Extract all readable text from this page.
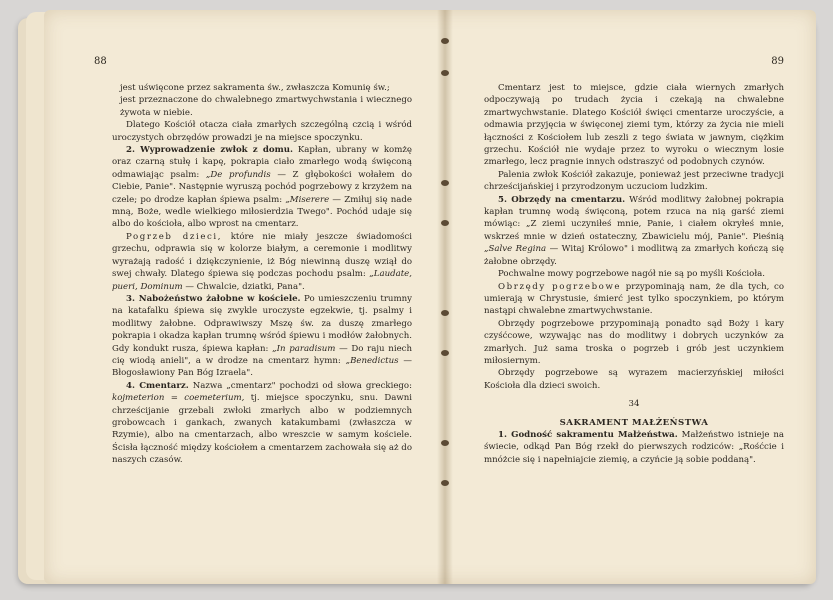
88

jest uświęcone przez sakramenta św., zwłaszcza Komunię św.;

jest przeznaczone do chwalebnego zmartwychwstania i wiecznego żywota w niebie.

Dlatego Kościół otacza ciała zmarłych szczególną czcią i wśród uroczystych obrzędów prowadzi je na miejsce spoczynku.

2. Wyprowadzenie zwłok z domu. Kapłan, ubrany w komżę oraz czarną stułę i kapę, pokrapia ciało zmarłego wodą święconą odmawiając psalm: „De profundis — Z głębokości wołałem do Ciebie, Panie". Następnie wyruszą pochód pogrzebowy z krzyżem na czele; po drodze kapłan śpiewa psalm: „Miserere — Zmiłuj się nade mną, Boże, wedle wielkiego miłosierdzia Twego". Pochód udaje się albo do kościoła, albo wprost na cmentarz.

Pogrzeb dzieci, które nie miały jeszcze świadomości grzechu, odprawia się w kolorze białym, a ceremonie i modlitwy wyrażają radość i dziękczynienie, iż Bóg niewinną duszę wziął do swej chwały. Dlatego śpiewa się podczas pochodu psalm: „Laudate, pueri, Dominum — Chwalcie, dziatki, Pana".

3. Nabożeństwo żałobne w kościele. Po umieszczeniu trumny na katafalku śpiewa się zwykle uroczyste egzekwie, tj. psalmy i modlitwy żałobne. Odprawiwszy Mszę św. za duszę zmarłego pokrapia i okadza kapłan trumnę wśród śpiewu i modłów żałobnych. Gdy kondukt rusza, śpiewa kapłan: „In paradisum — Do raju niech cię wiodą anieli", a w drodze na cmentarz hymn: „Benedictus — Błogosławiony Pan Bóg Izraela".

4. Cmentarz. Nazwa „cmentarz" pochodzi od słowa greckiego: kojmeterion = coemeterium, tj. miejsce spoczynku, snu. Dawni chrześcijanie grzebali zwłoki zmarłych albo w podziemnych grobowcach i gankach, zwanych katakumbami (zwłaszcza w Rzymie), albo na cmentarzach, albo wreszcie w samym kościele. Ścisła łączność między kościołem a cmentarzem zachowała się aż do naszych czasów.

89

Cmentarz jest to miejsce, gdzie ciała wiernych zmarłych odpoczywają po trudach życia i czekają na chwalebne zmartwychwstanie. Dlatego Kościół święci cmentarze uroczyście, a odmawia przyjęcia w święconej ziemi tym, którzy za życia nie mieli łączności z Kościołem lub zeszli z tego świata w jawnym, ciężkim grzechu. Kościół nie wydaje przez to wyroku o wiecznym losie zmarłego, lecz pragnie innych odstraszyć od podobnych czynów.

Palenia zwłok Kościół zakazuje, ponieważ jest przeciwne tradycji chrześcijańskiej i przyrodzonym uczuciom ludzkim.

5. Obrzędy na cmentarzu. Wśród modlitwy żałobnej pokrapia kapłan trumnę wodą święconą, potem rzuca na nią garść ziemi mówiąc: „Z ziemi uczyniłeś mnie, Panie, i ciałem okryłeś mnie, wskrześ mnie w dzień ostateczny, Zbawicielu mój, Panie". Pieśnią „Salve Regina — Witaj Królowo" i modlitwą za zmarłych kończą się żałobne obrzędy.

Pochwalne mowy pogrzebowe nagół nie są po myśli Kościoła.

Obrzędy pogrzebowe przypominają nam, że dla tych, co umierają w Chrystusie, śmierć jest tylko spoczynkiem, po którym nastąpi chwalebne zmartwychwstanie.

Obrzędy pogrzebowe przypominają ponadto sąd Boży i kary czyśćcowe, wzywając nas do modlitwy i dobrych uczynków za zmarłych. Już sama troska o pogrzeb i grób jest uczynkiem miłosiernym.

Obrzędy pogrzebowe są wyrazem macierzyńskiej miłości Kościoła dla dzieci swoich.

34

SAKRAMENT MAŁŻEŃSTWA

1. Godność sakramentu Małżeństwa. Małżeństwo istnieje na świecie, odkąd Pan Bóg rzekł do pierwszych rodziców: „Rośćcie i mnóżcie się i napełniajcie ziemię, a czyńcie ją sobie poddaną".
